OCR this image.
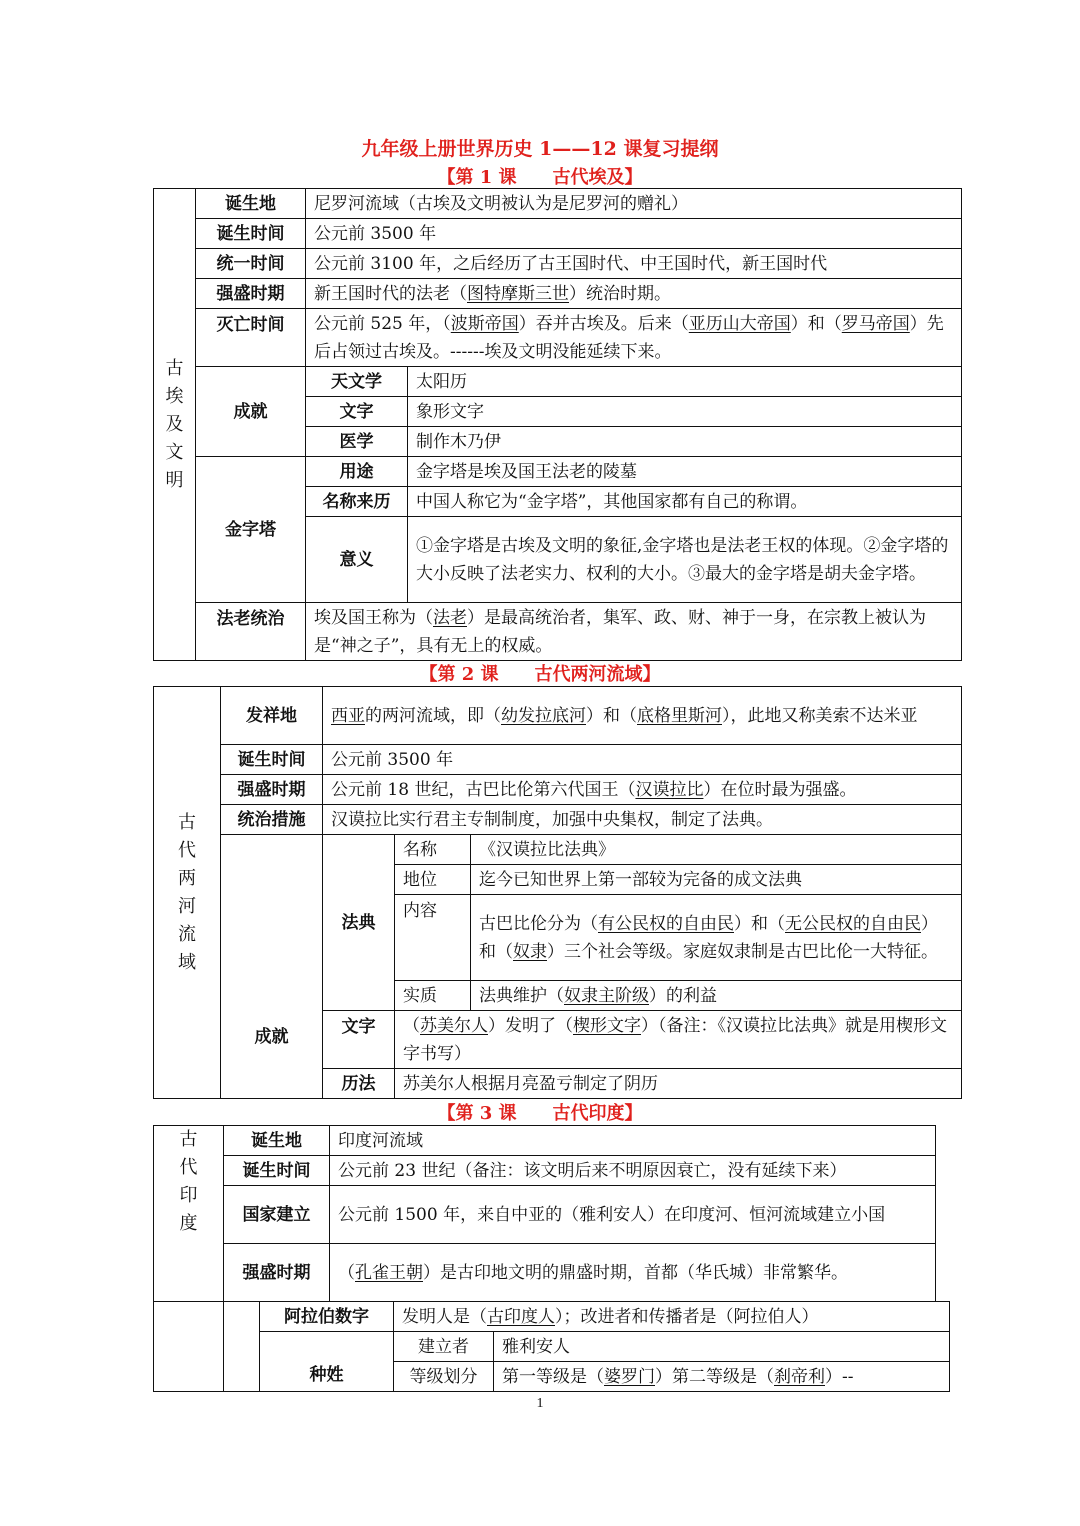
九年级上册世界历史 1——12 课复习提纲
【第 1 课　　古代埃及】
古埃及文明	诞生地	尼罗河流域（古埃及文明被认为是尼罗河的赠礼）	
	诞生时间	公元前 3500 年	
	统一时间	公元前 3100 年，之后经历了古王国时代、中王国时代，新王国时代	
	强盛时期	新王国时代的法老（图特摩斯三世）统治时期。	
	灭亡时间	公元前 525 年，（波斯帝国）吞并古埃及。后来（亚历山大帝国）和（罗马帝国）先后占领过古埃及。------埃及文明没能延续下来。	
	成就	天文学	太阳历
		文字	象形文字
		医学	制作木乃伊
	金字塔	用途	金字塔是埃及国王法老的陵墓
		名称来历	中国人称它为“金字塔”，其他国家都有自己的称谓。
		意义	①金字塔是古埃及文明的象征,金字塔也是法老王权的体现。②金字塔的大小反映了法老实力、权利的大小。③最大的金字塔是胡夫金字塔。
	法老统治	埃及国王称为（法老）是最高统治者，集军、政、财、神于一身，在宗教上被认为是“神之子”，具有无上的权威。	
【第 2 课　　古代两河流域】
古代两河流域	发祥地	西亚的两河流域，即（幼发拉底河）和（底格里斯河），此地又称美索不达米亚		
	诞生时间	公元前 3500 年		
	强盛时期	公元前 18 世纪，古巴比伦第六代国王（汉谟拉比）在位时最为强盛。		
	统治措施	汉谟拉比实行君主专制制度，加强中央集权，制定了法典。		
	成就	法典	名称	《汉谟拉比法典》
			地位	迄今已知世界上第一部较为完备的成文法典
			内容	古巴比伦分为（有公民权的自由民）和（无公民权的自由民）和（奴隶）三个社会等级。家庭奴隶制是古巴比伦一大特征。
			实质	法典维护（奴隶主阶级）的利益
		文字	（苏美尔人）发明了（楔形文字）（备注：《汉谟拉比法典》就是用楔形文字书写）	
		历法	苏美尔人根据月亮盈亏制定了阴历	
【第 3 课　　古代印度】
古代印度	诞生地	印度河流域
	诞生时间	公元前 23 世纪（备注：该文明后来不明原因衰亡，没有延续下来）
	国家建立	公元前 1500 年，来自中亚的（雅利安人）在印度河、恒河流域建立小国
	强盛时期	（孔雀王朝）是古印地文明的鼎盛时期，首都（华氏城）非常繁华。
		阿拉伯数字	发明人是（古印度人）；改进者和传播者是（阿拉伯人）	
		种姓	建立者	雅利安人
			等级划分	第一等级是（婆罗门）第二等级是（刹帝利）--
1
